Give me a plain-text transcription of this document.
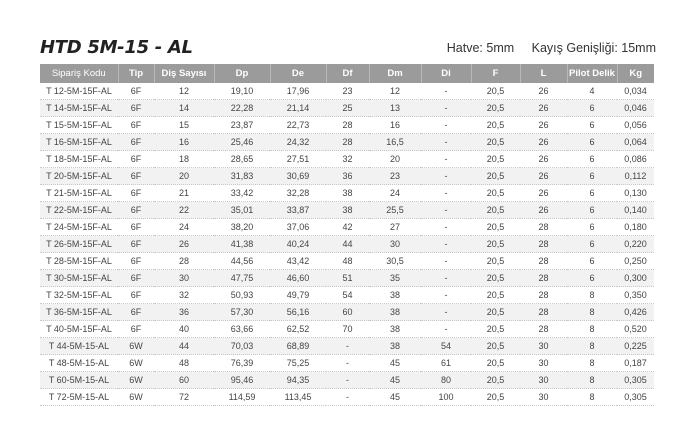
HTD 5M-15 - AL	Hatve: 5mm Kayış Genişliği: 15mm
Sipariş Kodu	Tip	Diş Sayısı	Dp	De	Df	Dm	Di	F	L	Pilot Delik	Kg
T 12-5M-15F-AL	6F	12	19,10	17,96	23	12	-	20,5	26	4	0,034
T 14-5M-15F-AL	6F	14	22,28	21,14	25	13	-	20,5	26	6	0,046
T 15-5M-15F-AL	6F	15	23,87	22,73	28	16	-	20,5	26	6	0,056
T 16-5M-15F-AL	6F	16	25,46	24,32	28	16,5	-	20,5	26	6	0,064
T 18-5M-15F-AL	6F	18	28,65	27,51	32	20	-	20,5	26	6	0,086
T 20-5M-15F-AL	6F	20	31,83	30,69	36	23	-	20,5	26	6	0,112
T 21-5M-15F-AL	6F	21	33,42	32,28	38	24	-	20,5	26	6	0,130
T 22-5M-15F-AL	6F	22	35,01	33,87	38	25,5	-	20,5	26	6	0,140
T 24-5M-15F-AL	6F	24	38,20	37,06	42	27	-	20,5	28	6	0,180
T 26-5M-15F-AL	6F	26	41,38	40,24	44	30	-	20,5	28	6	0,220
T 28-5M-15F-AL	6F	28	44,56	43,42	48	30,5	-	20,5	28	6	0,250
T 30-5M-15F-AL	6F	30	47,75	46,60	51	35	-	20,5	28	6	0,300
T 32-5M-15F-AL	6F	32	50,93	49,79	54	38	-	20,5	28	8	0,350
T 36-5M-15F-AL	6F	36	57,30	56,16	60	38	-	20,5	28	8	0,426
T 40-5M-15F-AL	6F	40	63,66	62,52	70	38	-	20,5	28	8	0,520
T 44-5M-15-AL	6W	44	70,03	68,89	-	38	54	20,5	30	8	0,225
T 48-5M-15-AL	6W	48	76,39	75,25	-	45	61	20,5	30	8	0,187
T 60-5M-15-AL	6W	60	95,46	94,35	-	45	80	20,5	30	8	0,305
T 72-5M-15-AL	6W	72	114,59	113,45	-	45	100	20,5	30	8	0,305
